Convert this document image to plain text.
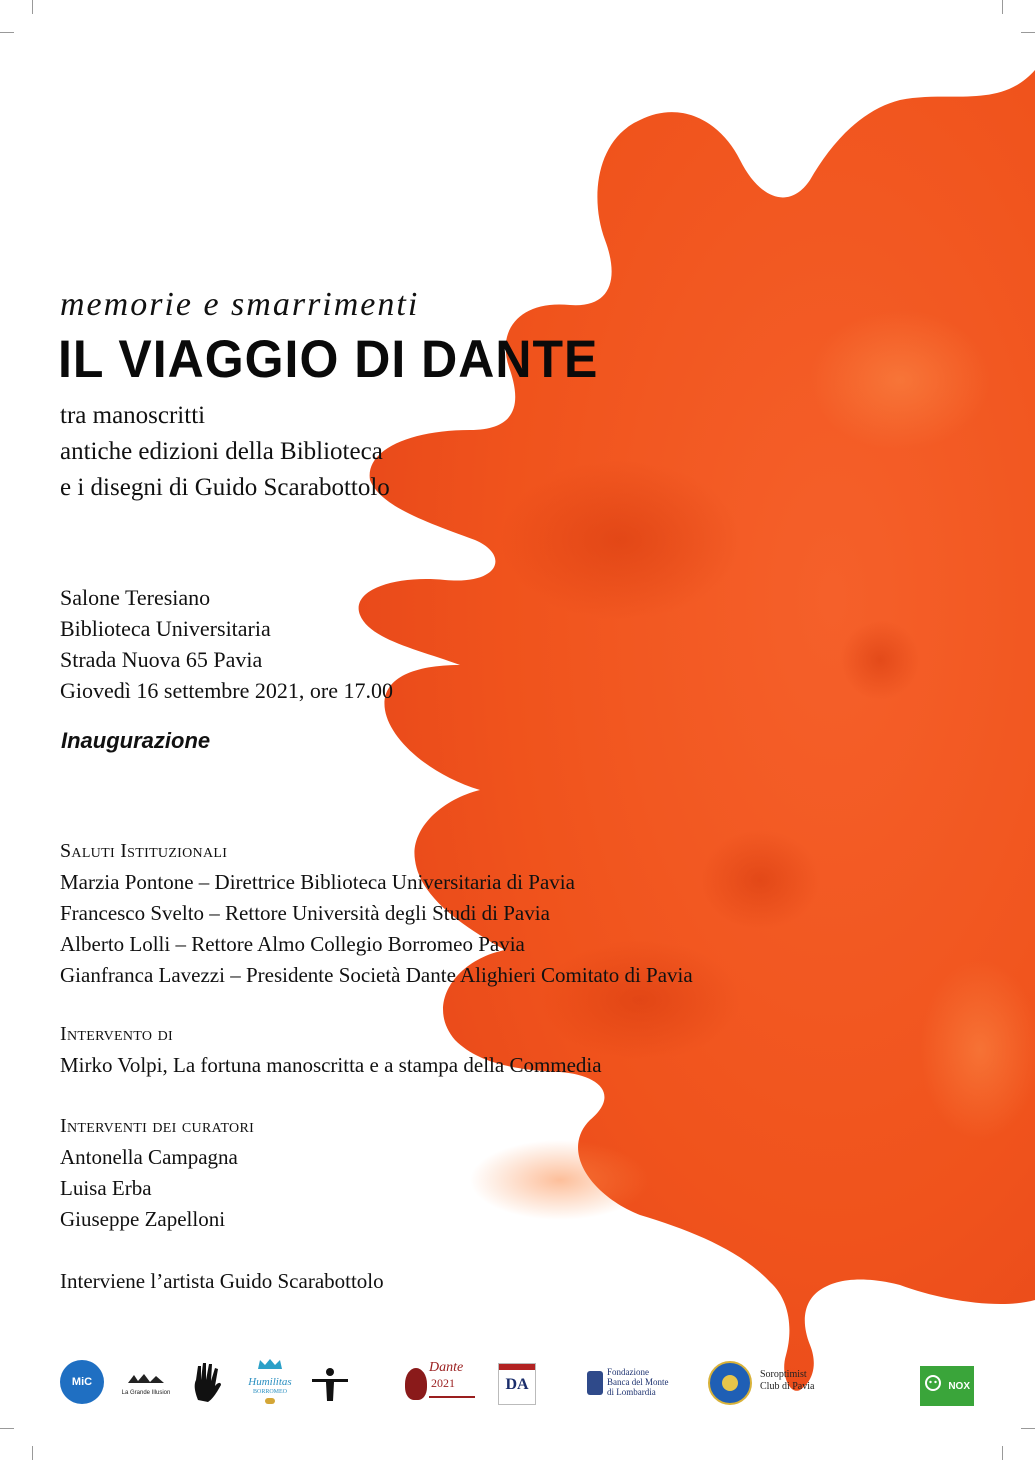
memorie e smarrimenti
IL VIAGGIO DI DANTE
tra manoscritti
antiche edizioni della Biblioteca
e i disegni di Guido Scarabottolo
Salone Teresiano
Biblioteca Universitaria
Strada Nuova 65 Pavia
Giovedì 16 settembre 2021, ore 17.00
Inaugurazione
Saluti Istituzionali
Marzia Pontone – Direttrice Biblioteca Universitaria di Pavia
Francesco Svelto – Rettore Università degli Studi di Pavia
Alberto Lolli – Rettore Almo Collegio Borromeo Pavia
Gianfranca Lavezzi – Presidente Società Dante Alighieri Comitato di Pavia
Intervento di
Mirko Volpi, La fortuna manoscritta e a stampa della Commedia
Interventi dei curatori
Antonella Campagna
Luisa Erba
Giuseppe Zapelloni
Interviene l’artista Guido Scarabottolo
MiC
La Grande Illusion
Humilitas
BORROMEO
Dante
2021	DA
Fondazione
Banca del Monte
di Lombardia
Soroptimist
Club di Pavia	NOX
